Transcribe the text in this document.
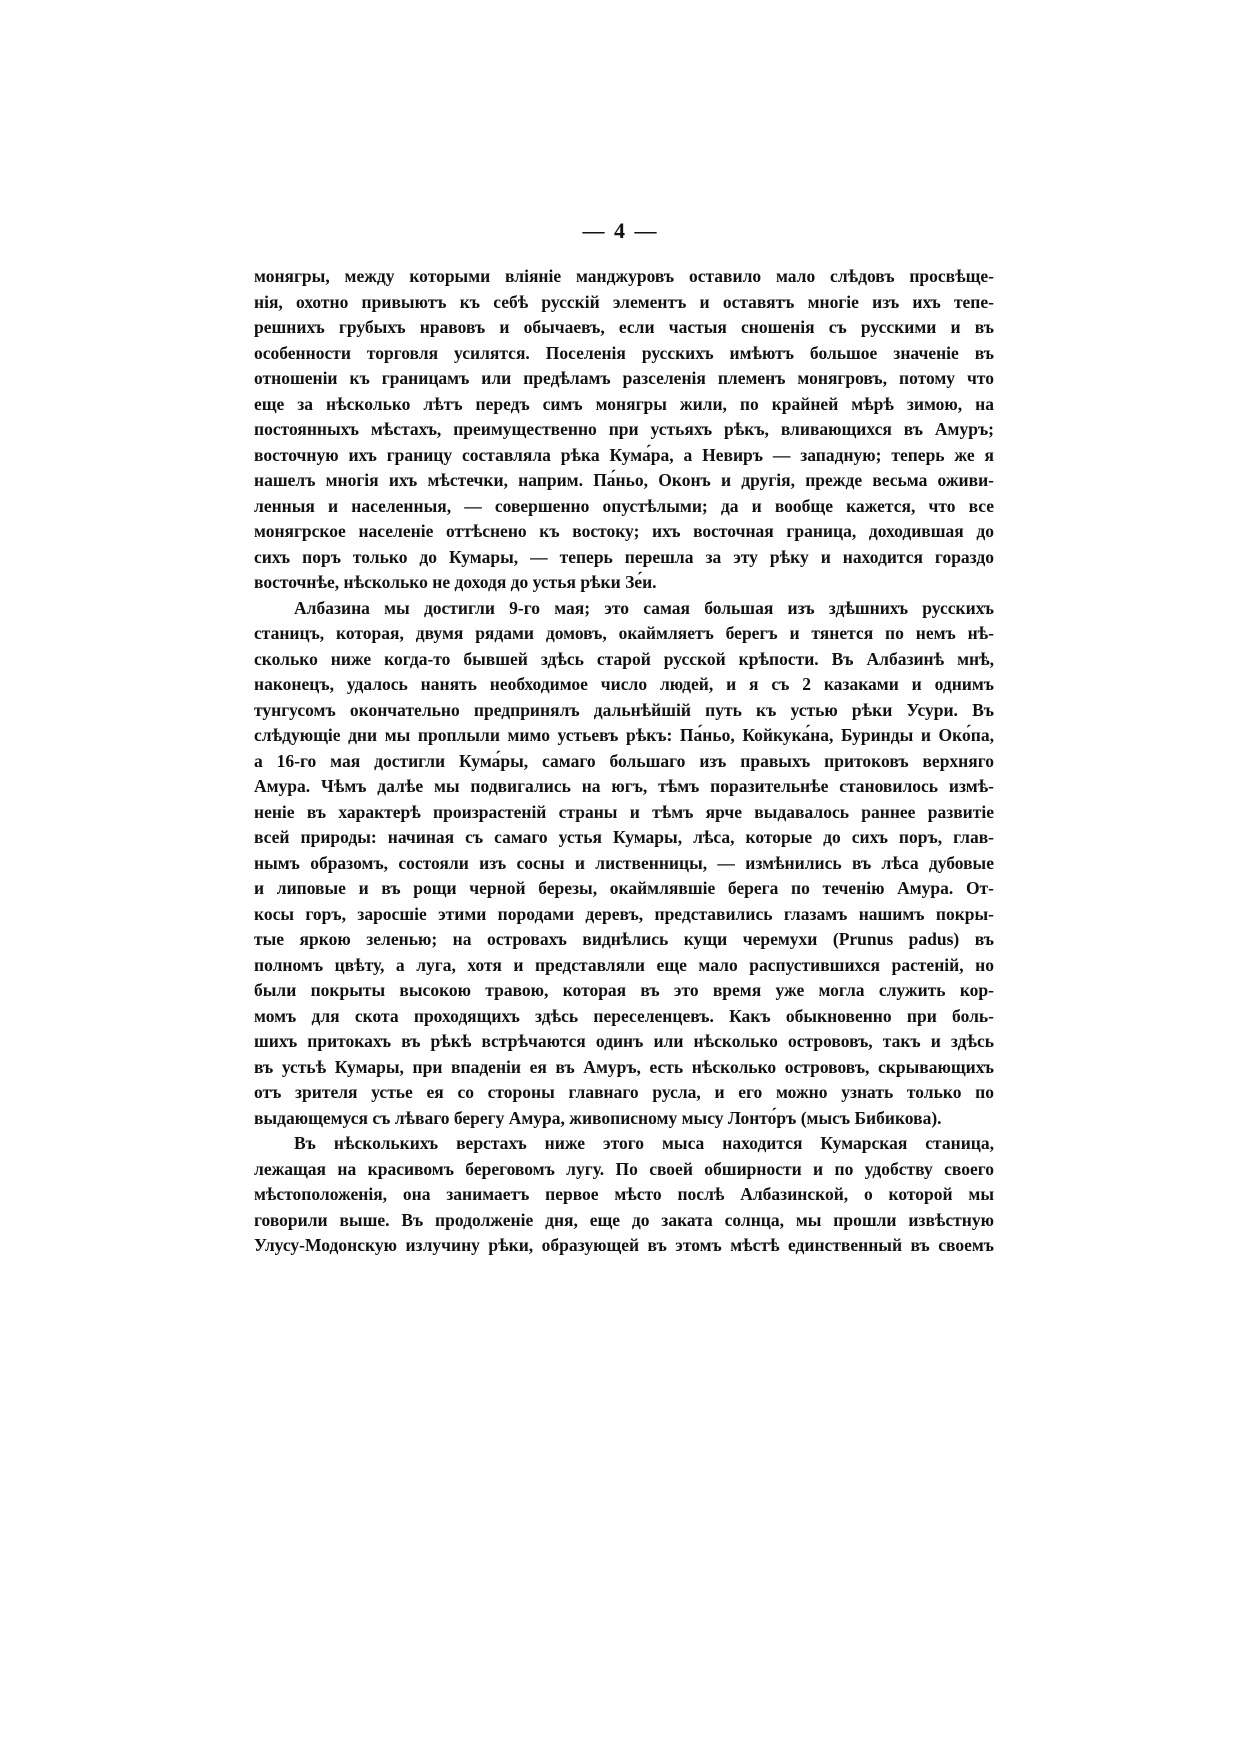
— 4 —
монягры, между которыми вліяніе манджуровъ оставило мало слѣдовъ просвѣще-
нія, охотно привыютъ къ себѣ русскій элементъ и оставятъ многіе изъ ихъ тепе-
решнихъ грубыхъ нравовъ и обычаевъ, если частыя сношенія съ русскими и въ
особенности торговля усилятся. Поселенія русскихъ имѣютъ большое значеніе въ
отношеніи къ границамъ или предѣламъ разселенія племенъ монягровъ, потому что
еще за нѣсколько лѣтъ передъ симъ монягры жили, по крайней мѣрѣ зимою, на
постоянныхъ мѣстахъ, преимущественно при устьяхъ рѣкъ, вливающихся въ Амуръ;
восточную ихъ границу составляла рѣка Кума́ра, а Невиръ — западную; теперь же я
нашелъ многія ихъ мѣстечки, наприм. Па́ньо, Оконъ и другія, прежде весьма оживи-
ленныя и населенныя, — совершенно опустѣлыми; да и вообще кажется, что все
монягрское населеніе оттѣснено къ востоку; ихъ восточная граница, доходившая до
сихъ поръ только до Кумары, — теперь перешла за эту рѣку и находится гораздо
восточнѣе, нѣсколько не доходя до устья рѣки Зе́и.
Албазина мы достигли 9-го мая; это самая большая изъ здѣшнихъ русскихъ
станицъ, которая, двумя рядами домовъ, окаймляетъ берегъ и тянется по немъ нѣ-
сколько ниже когда-то бывшей здѣсь старой русской крѣпости. Въ Албазинѣ мнѣ,
наконецъ, удалось нанять необходимое число людей, и я съ 2 казаками и однимъ
тунгусомъ окончательно предпринялъ дальнѣйшій путь къ устью рѣки Усури. Въ
слѣдующіе дни мы проплыли мимо устьевъ рѣкъ: Па́ньо, Койкука́на, Буринды и Око́па,
а 16-го мая достигли Кума́ры, самаго большаго изъ правыхъ притоковъ верхняго
Амура. Чѣмъ далѣе мы подвигались на югъ, тѣмъ поразительнѣе становилось измѣ-
неніе въ характерѣ произрастеній страны и тѣмъ ярче выдавалось раннее развитіе
всей природы: начиная съ самаго устья Кумары, лѣса, которые до сихъ поръ, глав-
нымъ образомъ, состояли изъ сосны и лиственницы, — измѣнились въ лѣса дубовые
и липовые и въ рощи черной березы, окаймлявшіе берега по теченію Амура. От-
косы горъ, заросшіе этими породами деревъ, представились глазамъ нашимъ покры-
тые яркою зеленью; на островахъ виднѣлись кущи черемухи (Prunus padus) въ
полномъ цвѣту, а луга, хотя и представляли еще мало распустившихся растеній, но
были покрыты высокою травою, которая въ это время уже могла служить кор-
момъ для скота проходящихъ здѣсь переселенцевъ. Какъ обыкновенно при боль-
шихъ притокахъ въ рѣкѣ встрѣчаются одинъ или нѣсколько острововъ, такъ и здѣсь
въ устьѣ Кумары, при впаденіи ея въ Амуръ, есть нѣсколько острововъ, скрывающихъ
отъ зрителя устье ея со стороны главнаго русла, и его можно узнать только по
выдающемуся съ лѣваго берегу Амура, живописному мысу Лонто́ръ (мысъ Бибикова).
Въ нѣсколькихъ верстахъ ниже этого мыса находится Кумарская станица,
лежащая на красивомъ береговомъ лугу. По своей обширности и по удобству своего
мѣстоположенія, она занимаетъ первое мѣсто послѣ Албазинской, о которой мы
говорили выше. Въ продолженіе дня, еще до заката солнца, мы прошли извѣстную
Улусу-Модонскую излучину рѣки, образующей въ этомъ мѣстѣ единственный въ своемъ
